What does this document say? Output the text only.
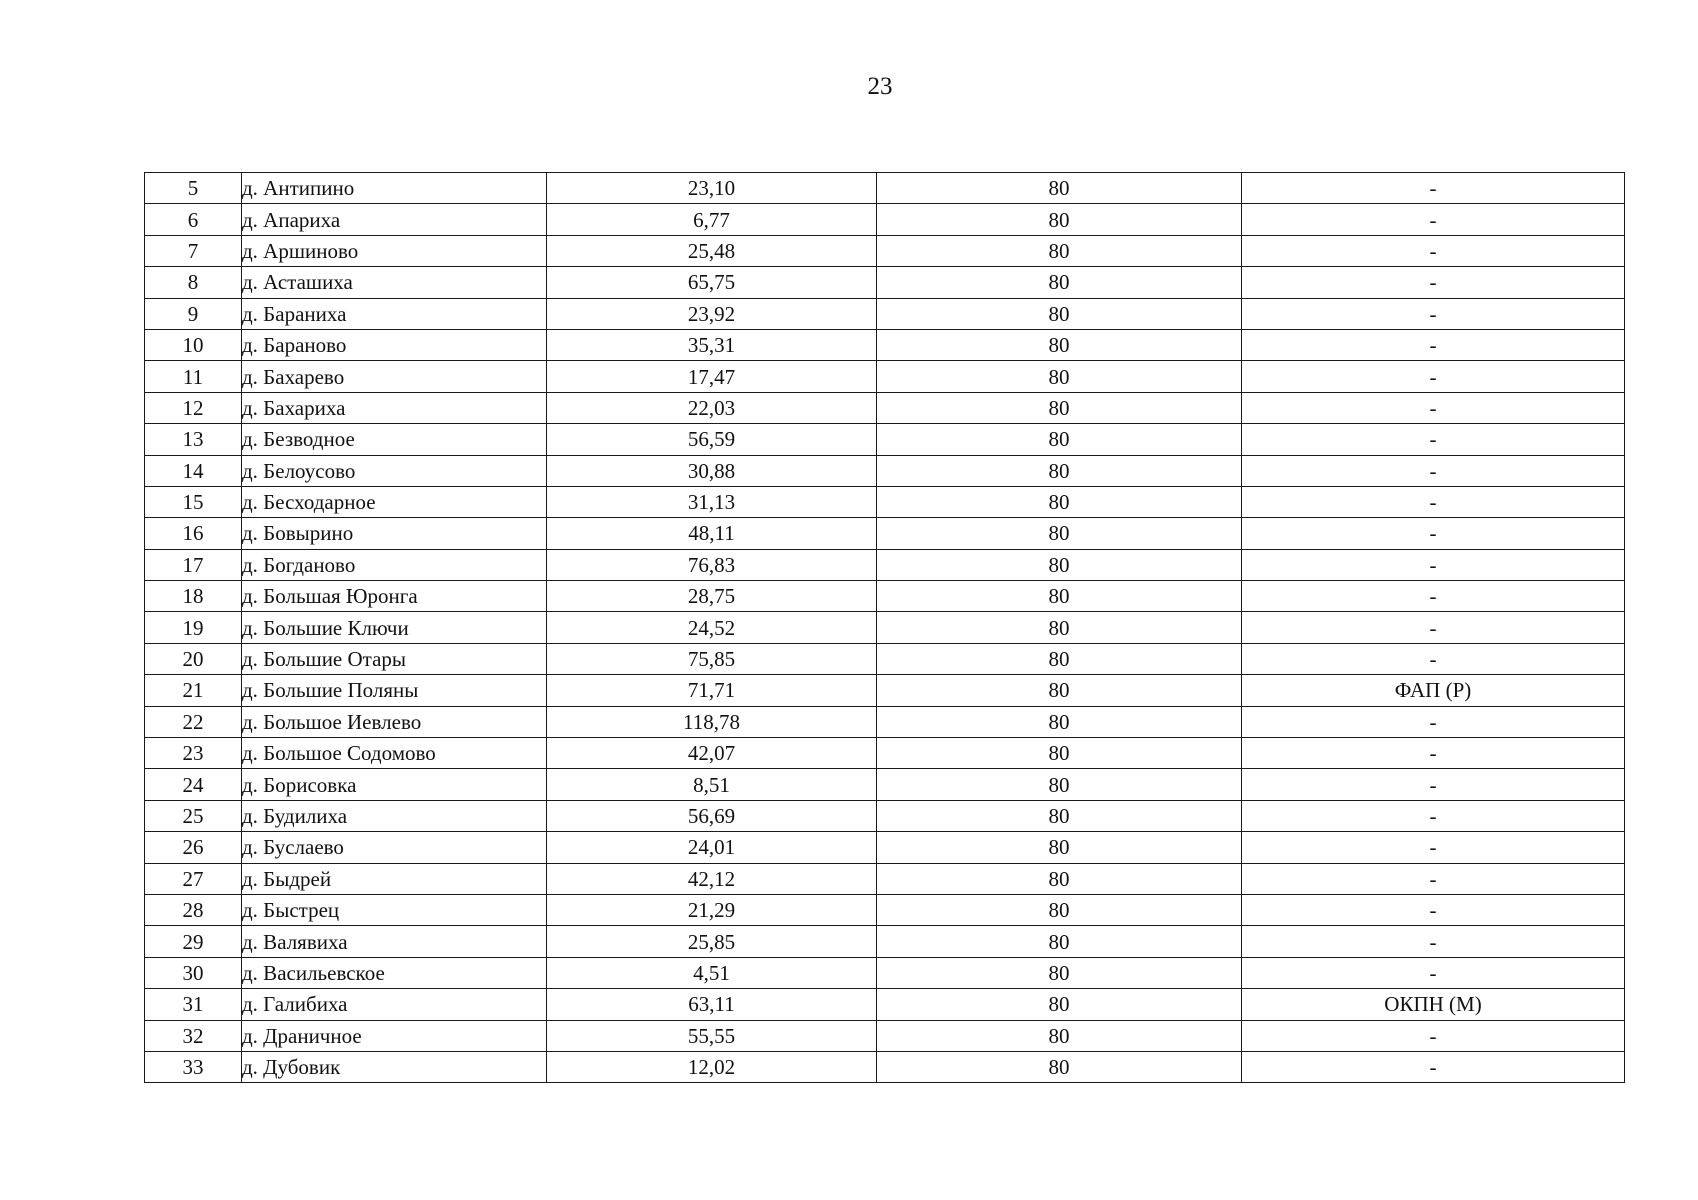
23
5	д. Антипино	23,10	80	-
6	д. Апариха	6,77	80	-
7	д. Аршиново	25,48	80	-
8	д. Асташиха	65,75	80	-
9	д. Бараниха	23,92	80	-
10	д. Бараново	35,31	80	-
11	д. Бахарево	17,47	80	-
12	д. Бахариха	22,03	80	-
13	д. Безводное	56,59	80	-
14	д. Белоусово	30,88	80	-
15	д. Бесходарное	31,13	80	-
16	д. Бовырино	48,11	80	-
17	д. Богданово	76,83	80	-
18	д. Большая Юронга	28,75	80	-
19	д. Большие Ключи	24,52	80	-
20	д. Большие Отары	75,85	80	-
21	д. Большие Поляны	71,71	80	ФАП (Р)
22	д. Большое Иевлево	118,78	80	-
23	д. Большое Содомово	42,07	80	-
24	д. Борисовка	8,51	80	-
25	д. Будилиха	56,69	80	-
26	д. Буслаево	24,01	80	-
27	д. Быдрей	42,12	80	-
28	д. Быстрец	21,29	80	-
29	д. Валявиха	25,85	80	-
30	д. Васильевское	4,51	80	-
31	д. Галибиха	63,11	80	ОКПН (М)
32	д. Драничное	55,55	80	-
33	д. Дубовик	12,02	80	-
